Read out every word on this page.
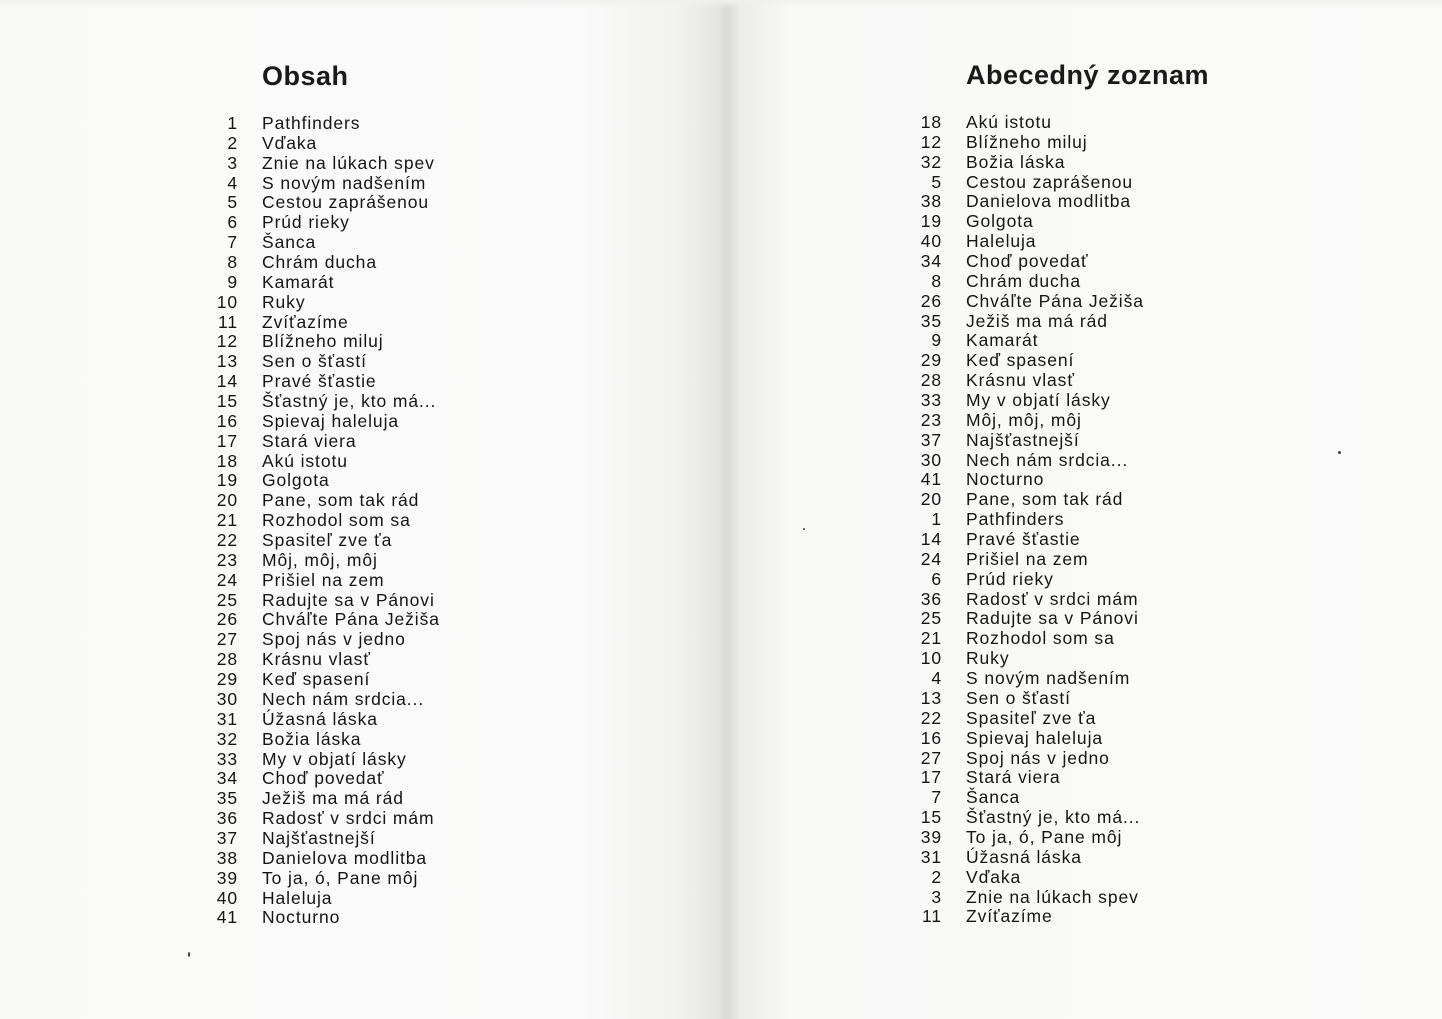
Obsah
1 Pathfinders
2 Vďaka
3 Znie na lúkach spev
4 S novým nadšením
5 Cestou zaprášenou
6 Prúd rieky
7 Šanca
8 Chrám ducha
9 Kamarát
10 Ruky
11 Zvíťazíme
12 Blížneho miluj
13 Sen o šťastí
14 Pravé šťastie
15 Šťastný je, kto má...
16 Spievaj haleluja
17 Stará viera
18 Akú istotu
19 Golgota
20 Pane, som tak rád
21 Rozhodol som sa
22 Spasiteľ zve ťa
23 Môj, môj, môj
24 Prišiel na zem
25 Radujte sa v Pánovi
26 Chváľte Pána Ježiša
27 Spoj nás v jedno
28 Krásnu vlasť
29 Keď spasení
30 Nech nám srdcia...
31 Úžasná láska
32 Božia láska
33 My v objatí lásky
34 Choď povedať
35 Ježiš ma má rád
36 Radosť v srdci mám
37 Najšťastnejší
38 Danielova modlitba
39 To ja, ó, Pane môj
40 Haleluja
41 Nocturno
Abecedný zoznam
18 Akú istotu
12 Blížneho miluj
32 Božia láska
5 Cestou zaprášenou
38 Danielova modlitba
19 Golgota
40 Haleluja
34 Choď povedať
8 Chrám ducha
26 Chváľte Pána Ježiša
35 Ježiš ma má rád
9 Kamarát
29 Keď spasení
28 Krásnu vlasť
33 My v objatí lásky
23 Môj, môj, môj
37 Najšťastnejší
30 Nech nám srdcia...
41 Nocturno
20 Pane, som tak rád
1 Pathfinders
14 Pravé šťastie
24 Prišiel na zem
6 Prúd rieky
36 Radosť v srdci mám
25 Radujte sa v Pánovi
21 Rozhodol som sa
10 Ruky
4 S novým nadšením
13 Sen o šťastí
22 Spasiteľ zve ťa
16 Spievaj haleluja
27 Spoj nás v jedno
17 Stará viera
7 Šanca
15 Šťastný je, kto má...
39 To ja, ó, Pane môj
31 Úžasná láska
2 Vďaka
3 Znie na lúkach spev
11 Zvíťazíme
